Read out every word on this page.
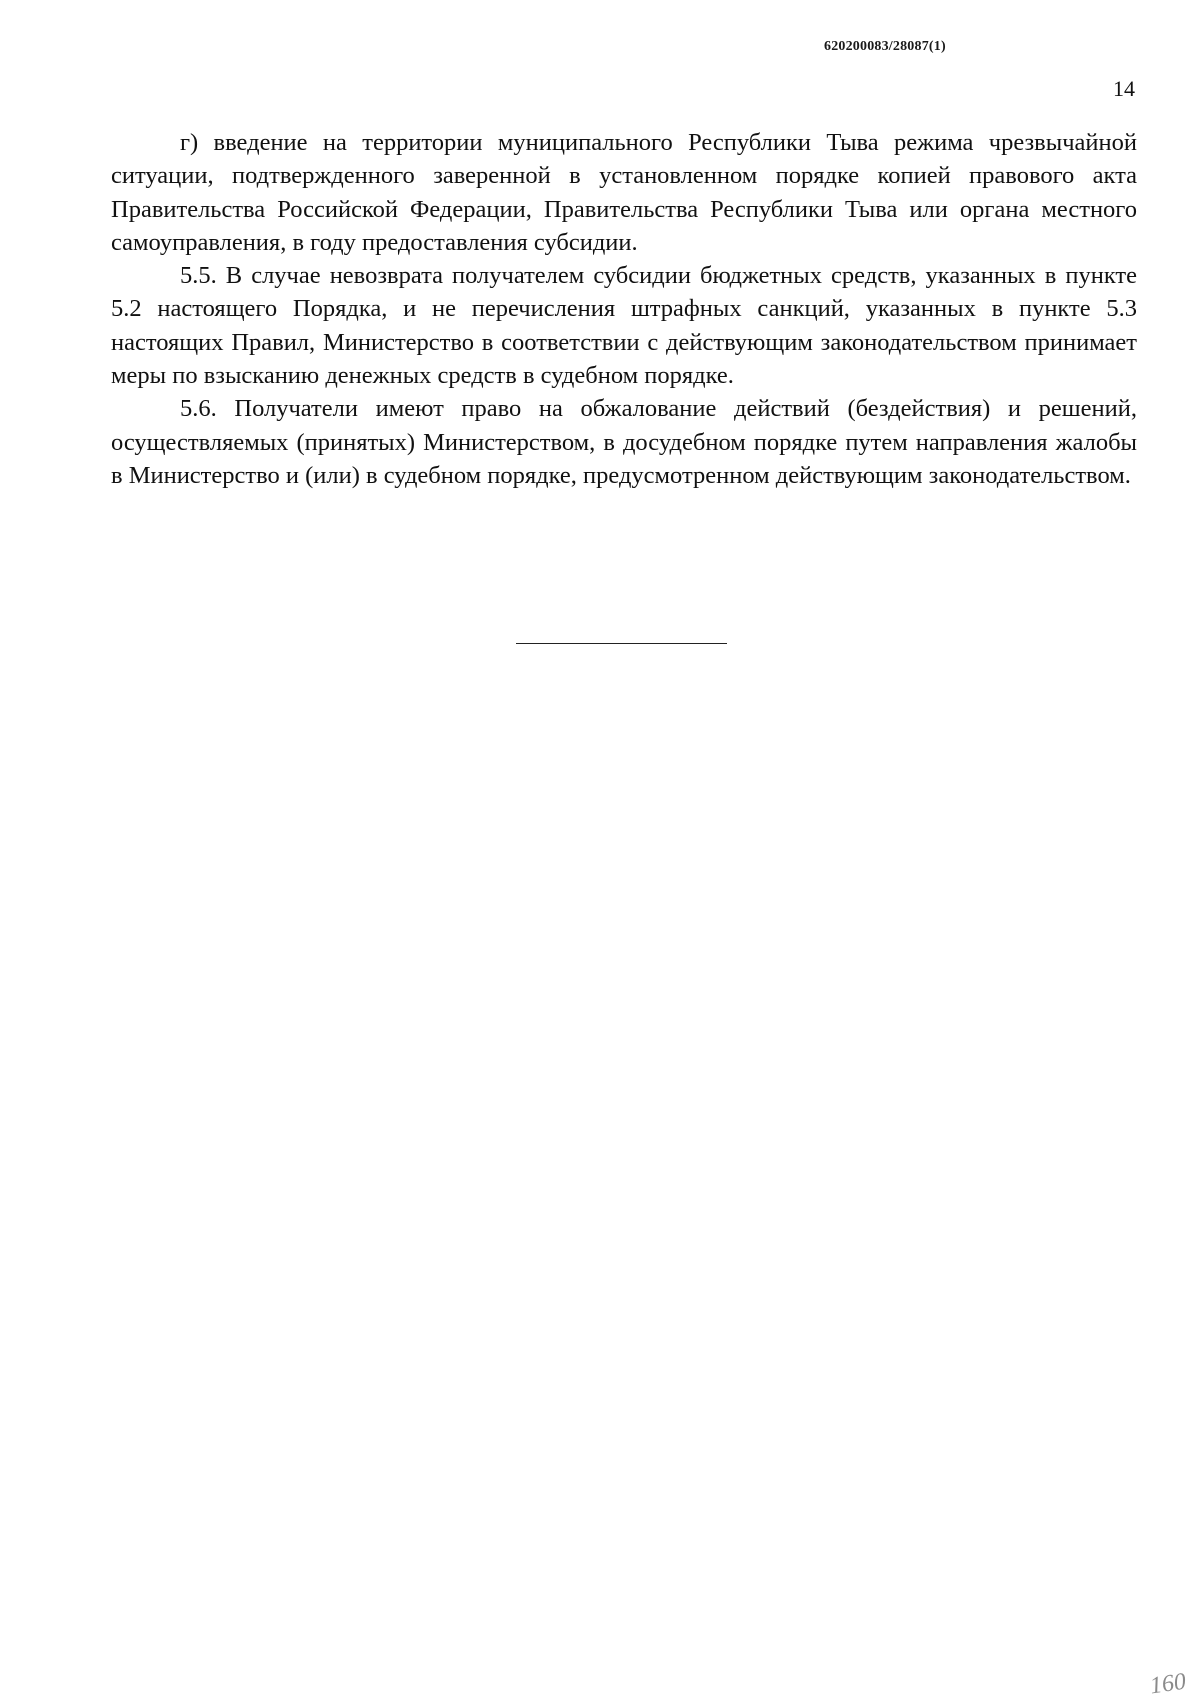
620200083/28087(1)
14

г) введение на территории муниципального Республики Тыва режима чрезвычайной ситуации, подтвержденного заверенной в установленном порядке копией правового акта Правительства Российской Федерации, Правительства Республики Тыва или органа местного самоуправления, в году предоставления субсидии.

5.5. В случае невозврата получателем субсидии бюджетных средств, указанных в пункте 5.2 настоящего Порядка, и не перечисления штрафных санкций, указанных в пункте 5.3 настоящих Правил, Министерство в соответствии с действующим законодательством принимает меры по взысканию денежных средств в судебном порядке.

5.6. Получатели имеют право на обжалование действий (бездействия) и решений, осуществляемых (принятых) Министерством, в досудебном порядке путем направления жалобы в Министерство и (или) в судебном порядке, предусмотренном действующим законодательством.

160
